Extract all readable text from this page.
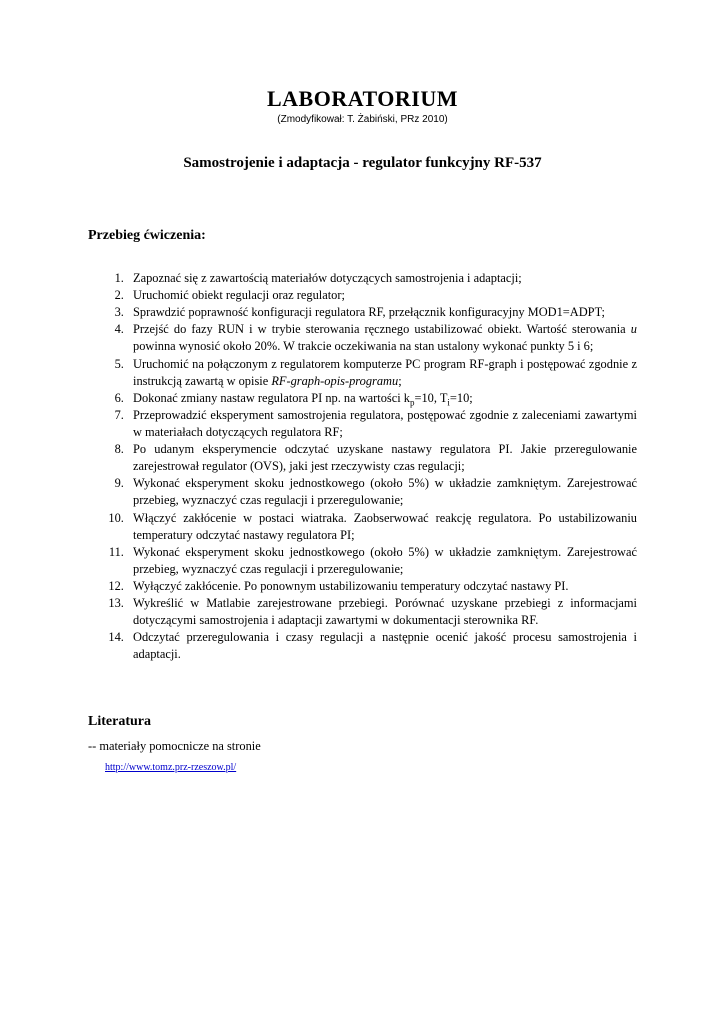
LABORATORIUM
(Zmodyfikował: T. Żabiński, PRz 2010)
Samostrojenie i adaptacja - regulator funkcyjny RF-537
Przebieg ćwiczenia:
1. Zapoznać się z zawartością materiałów dotyczących samostrojenia i adaptacji;
2. Uruchomić obiekt regulacji oraz regulator;
3. Sprawdzić poprawność konfiguracji regulatora RF, przełącznik konfiguracyjny MOD1=ADPT;
4. Przejść do fazy RUN i w trybie sterowania ręcznego ustabilizować obiekt. Wartość sterowania u powinna wynosić około 20%. W trakcie oczekiwania na stan ustalony wykonać punkty 5 i 6;
5. Uruchomić na połączonym z regulatorem komputerze PC program RF-graph i postępować zgodnie z instrukcją zawartą w opisie RF-graph-opis-programu;
6. Dokonać zmiany nastaw regulatora PI np. na wartości $k_p=10$, $T_i=10$;
7. Przeprowadzić eksperyment samostrojenia regulatora, postępować zgodnie z zaleceniami zawartymi w materiałach dotyczących regulatora RF;
8. Po udanym eksperymencie odczytać uzyskane nastawy regulatora PI. Jakie przeregulowanie zarejestrował regulator (OVS), jaki jest rzeczywisty czas regulacji;
9. Wykonać eksperyment skoku jednostkowego (około 5%) w układzie zamkniętym. Zarejestrować przebieg, wyznaczyć czas regulacji i przeregulowanie;
10. Włączyć zakłócenie w postaci wiatraka. Zaobserwować reakcję regulatora. Po ustabilizowaniu temperatury odczytać nastawy regulatora PI;
11. Wykonać eksperyment skoku jednostkowego (około 5%) w układzie zamkniętym. Zarejestrować przebieg, wyznaczyć czas regulacji i przeregulowanie;
12. Wyłączyć zakłócenie. Po ponownym ustabilizowaniu temperatury odczytać nastawy PI.
13. Wykreślić w Matlabie zarejestrowane przebiegi. Porównać uzyskane przebiegi z informacjami dotyczącymi samostrojenia i adaptacji zawartymi w dokumentacji sterownika RF.
14. Odczytać przeregulowania i czasy regulacji a następnie ocenić jakość procesu samostrojenia i adaptacji.
Literatura

-- materiały pomocnicze na stronie

http://www.tomz.prz-rzeszow.pl/
